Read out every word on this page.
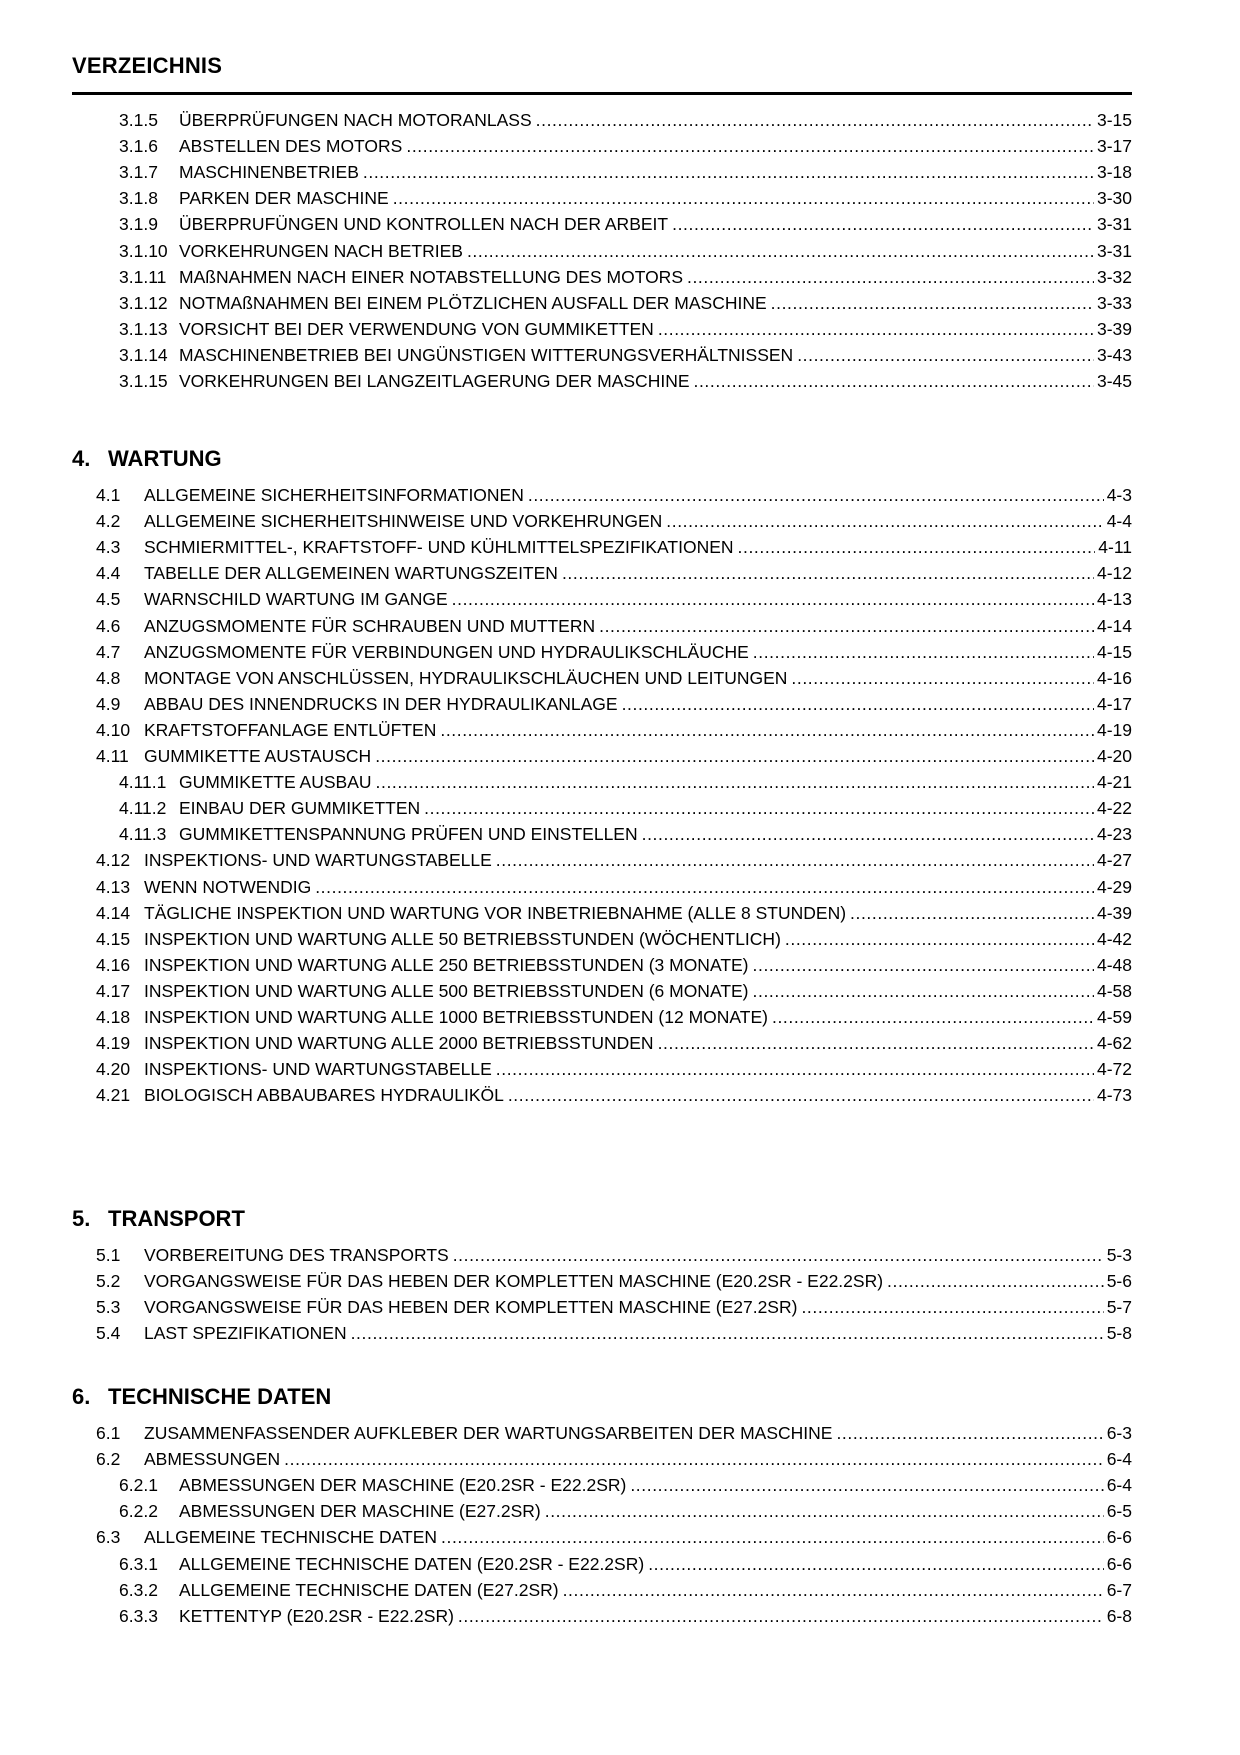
VERZEICHNIS
3.1.5	ÜBERPRÜFUNGEN NACH MOTORANLASS .....	3-15
3.1.6	ABSTELLEN DES MOTORS .....	3-17
3.1.7	MASCHINENBETRIEB .....	3-18
3.1.8	PARKEN DER MASCHINE .....	3-30
3.1.9	ÜBERPRUFÜNGEN UND KONTROLLEN NACH DER ARBEIT .....	3-31
3.1.10 VORKEHRUNGEN NACH BETRIEB .....	3-31
3.1.11 MAßNAHMEN NACH EINER NOTABSTELLUNG DES MOTORS .....	3-32
3.1.12 NOTMAßNAHMEN BEI EINEM PLÖTZLICHEN AUSFALL DER MASCHINE .....	3-33
3.1.13 VORSICHT BEI DER VERWENDUNG VON GUMMIKETTEN .....	3-39
3.1.14 MASCHINENBETRIEB BEI UNGÜNSTIGEN WITTERUNGSVERHÄLTNISSEN .....	3-43
3.1.15 VORKEHRUNGEN BEI LANGZEITLAGERUNG DER MASCHINE .....	3-45
4. WARTUNG
4.1	ALLGEMEINE SICHERHEITSINFORMATIONEN .....	4-3
4.2	ALLGEMEINE SICHERHEITSHINWEISE UND VORKEHRUNGEN .....	4-4
4.3	SCHMIERMITTEL-, KRAFTSTOFF- UND KÜHLMITTELSPEZIFIKATIONEN .....	4-11
4.4	TABELLE DER ALLGEMEINEN WARTUNGSZEITEN .....	4-12
4.5	WARNSCHILD WARTUNG IM GANGE .....	4-13
4.6	ANZUGSMOMENTE FÜR SCHRAUBEN UND MUTTERN .....	4-14
4.7	ANZUGSMOMENTE FÜR VERBINDUNGEN UND HYDRAULIKSCHLÄUCHE .....	4-15
4.8	MONTAGE VON ANSCHLÜSSEN, HYDRAULIKSCHLÄUCHEN UND LEITUNGEN .....	4-16
4.9	ABBAU DES INNENDRUCKS IN DER HYDRAULIKANLAGE .....	4-17
4.10 KRAFTSTOFFANLAGE ENTLÜFTEN .....	4-19
4.11 GUMMIKETTE AUSTAUSCH .....	4-20
4.11.1 GUMMIKETTE AUSBAU .....	4-21
4.11.2 EINBAU DER GUMMIKETTEN .....	4-22
4.11.3 GUMMIKETTENSPANNUNG PRÜFEN UND EINSTELLEN .....	4-23
4.12 INSPEKTIONS- UND WARTUNGSTABELLE .....	4-27
4.13 WENN NOTWENDIG .....	4-29
4.14 TÄGLICHE INSPEKTION UND WARTUNG VOR INBETRIEBNAHME (ALLE 8 STUNDEN) .....	4-39
4.15 INSPEKTION UND WARTUNG ALLE 50 BETRIEBSSTUNDEN (WÖCHENTLICH) .....	4-42
4.16 INSPEKTION UND WARTUNG ALLE 250 BETRIEBSSTUNDEN (3 MONATE) .....	4-48
4.17 INSPEKTION UND WARTUNG ALLE 500 BETRIEBSSTUNDEN (6 MONATE) .....	4-58
4.18 INSPEKTION UND WARTUNG ALLE 1000 BETRIEBSSTUNDEN (12 MONATE) .....	4-59
4.19 INSPEKTION UND WARTUNG ALLE 2000 BETRIEBSSTUNDEN .....	4-62
4.20 INSPEKTIONS- UND WARTUNGSTABELLE .....	4-72
4.21 BIOLOGISCH ABBAUBARES HYDRAULIKÖL .....	4-73
5. TRANSPORT
5.1	VORBEREITUNG DES TRANSPORTS .....	5-3
5.2	VORGANGSWEISE FÜR DAS HEBEN DER KOMPLETTEN MASCHINE (E20.2SR - E22.2SR) .....	5-6
5.3	VORGANGSWEISE FÜR DAS HEBEN DER KOMPLETTEN MASCHINE (E27.2SR) .....	5-7
5.4	LAST SPEZIFIKATIONEN .....	5-8
6. TECHNISCHE DATEN
6.1	ZUSAMMENFASSENDER AUFKLEBER DER WARTUNGSARBEITEN DER MASCHINE .....	6-3
6.2	ABMESSUNGEN .....	6-4
6.2.1	ABMESSUNGEN DER MASCHINE (E20.2SR - E22.2SR) .....	6-4
6.2.2	ABMESSUNGEN DER MASCHINE (E27.2SR) .....	6-5
6.3	ALLGEMEINE TECHNISCHE DATEN .....	6-6
6.3.1	ALLGEMEINE TECHNISCHE DATEN (E20.2SR - E22.2SR) .....	6-6
6.3.2	ALLGEMEINE TECHNISCHE DATEN (E27.2SR) .....	6-7
6.3.3	KETTENTYP (E20.2SR - E22.2SR) .....	6-8
